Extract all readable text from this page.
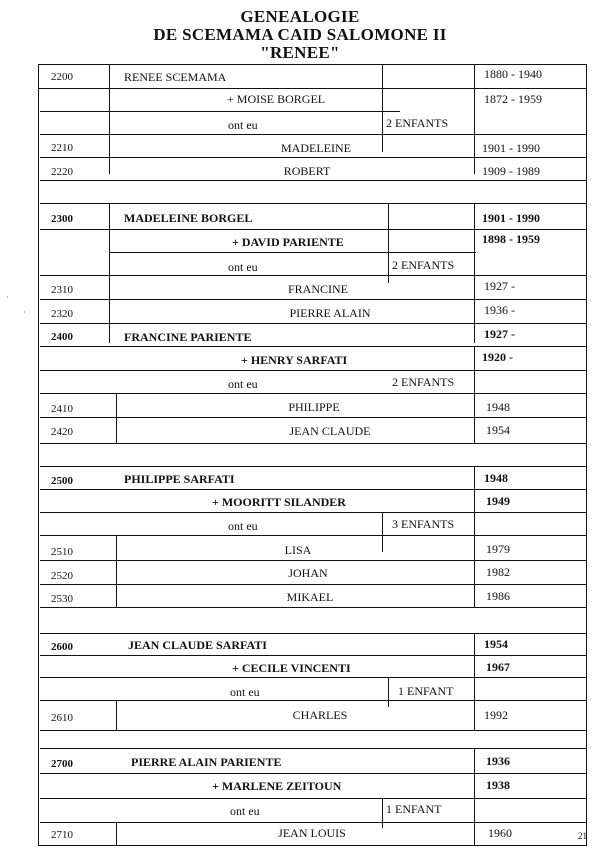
GENEALOGIE
DE SCEMAMA CAID SALOMONE II
"RENEE"
2200	RENEE SCEMAMA	1880 - 1940
+ MOISE BORGEL	1872 - 1959
ont eu	2 ENFANTS
2210	MADELEINE	1901 - 1990
2220	ROBERT	1909 - 1989
2300	MADELEINE BORGEL	1901 - 1990
+ DAVID PARIENTE	1898 - 1959
ont eu	2 ENFANTS
2310	FRANCINE	1927 -
2320	PIERRE ALAIN	1936 -
2400	FRANCINE PARIENTE	1927 -
+ HENRY SARFATI	1920 -
ont eu	2 ENFANTS
2410	PHILIPPE	1948
2420	JEAN CLAUDE	1954
2500	PHILIPPE SARFATI	1948
+ MOORITT SILANDER	1949
ont eu	3 ENFANTS
2510	LISA	1979
2520	JOHAN	1982
2530	MIKAEL	1986
2600	JEAN CLAUDE SARFATI	1954
+ CECILE VINCENTI	1967
ont eu	1 ENFANT
2610	CHARLES	1992
2700	PIERRE ALAIN PARIENTE	1936
+ MARLENE ZEITOUN	1938
ont eu	1 ENFANT
2710	JEAN LOUIS	1960
·
·
21
